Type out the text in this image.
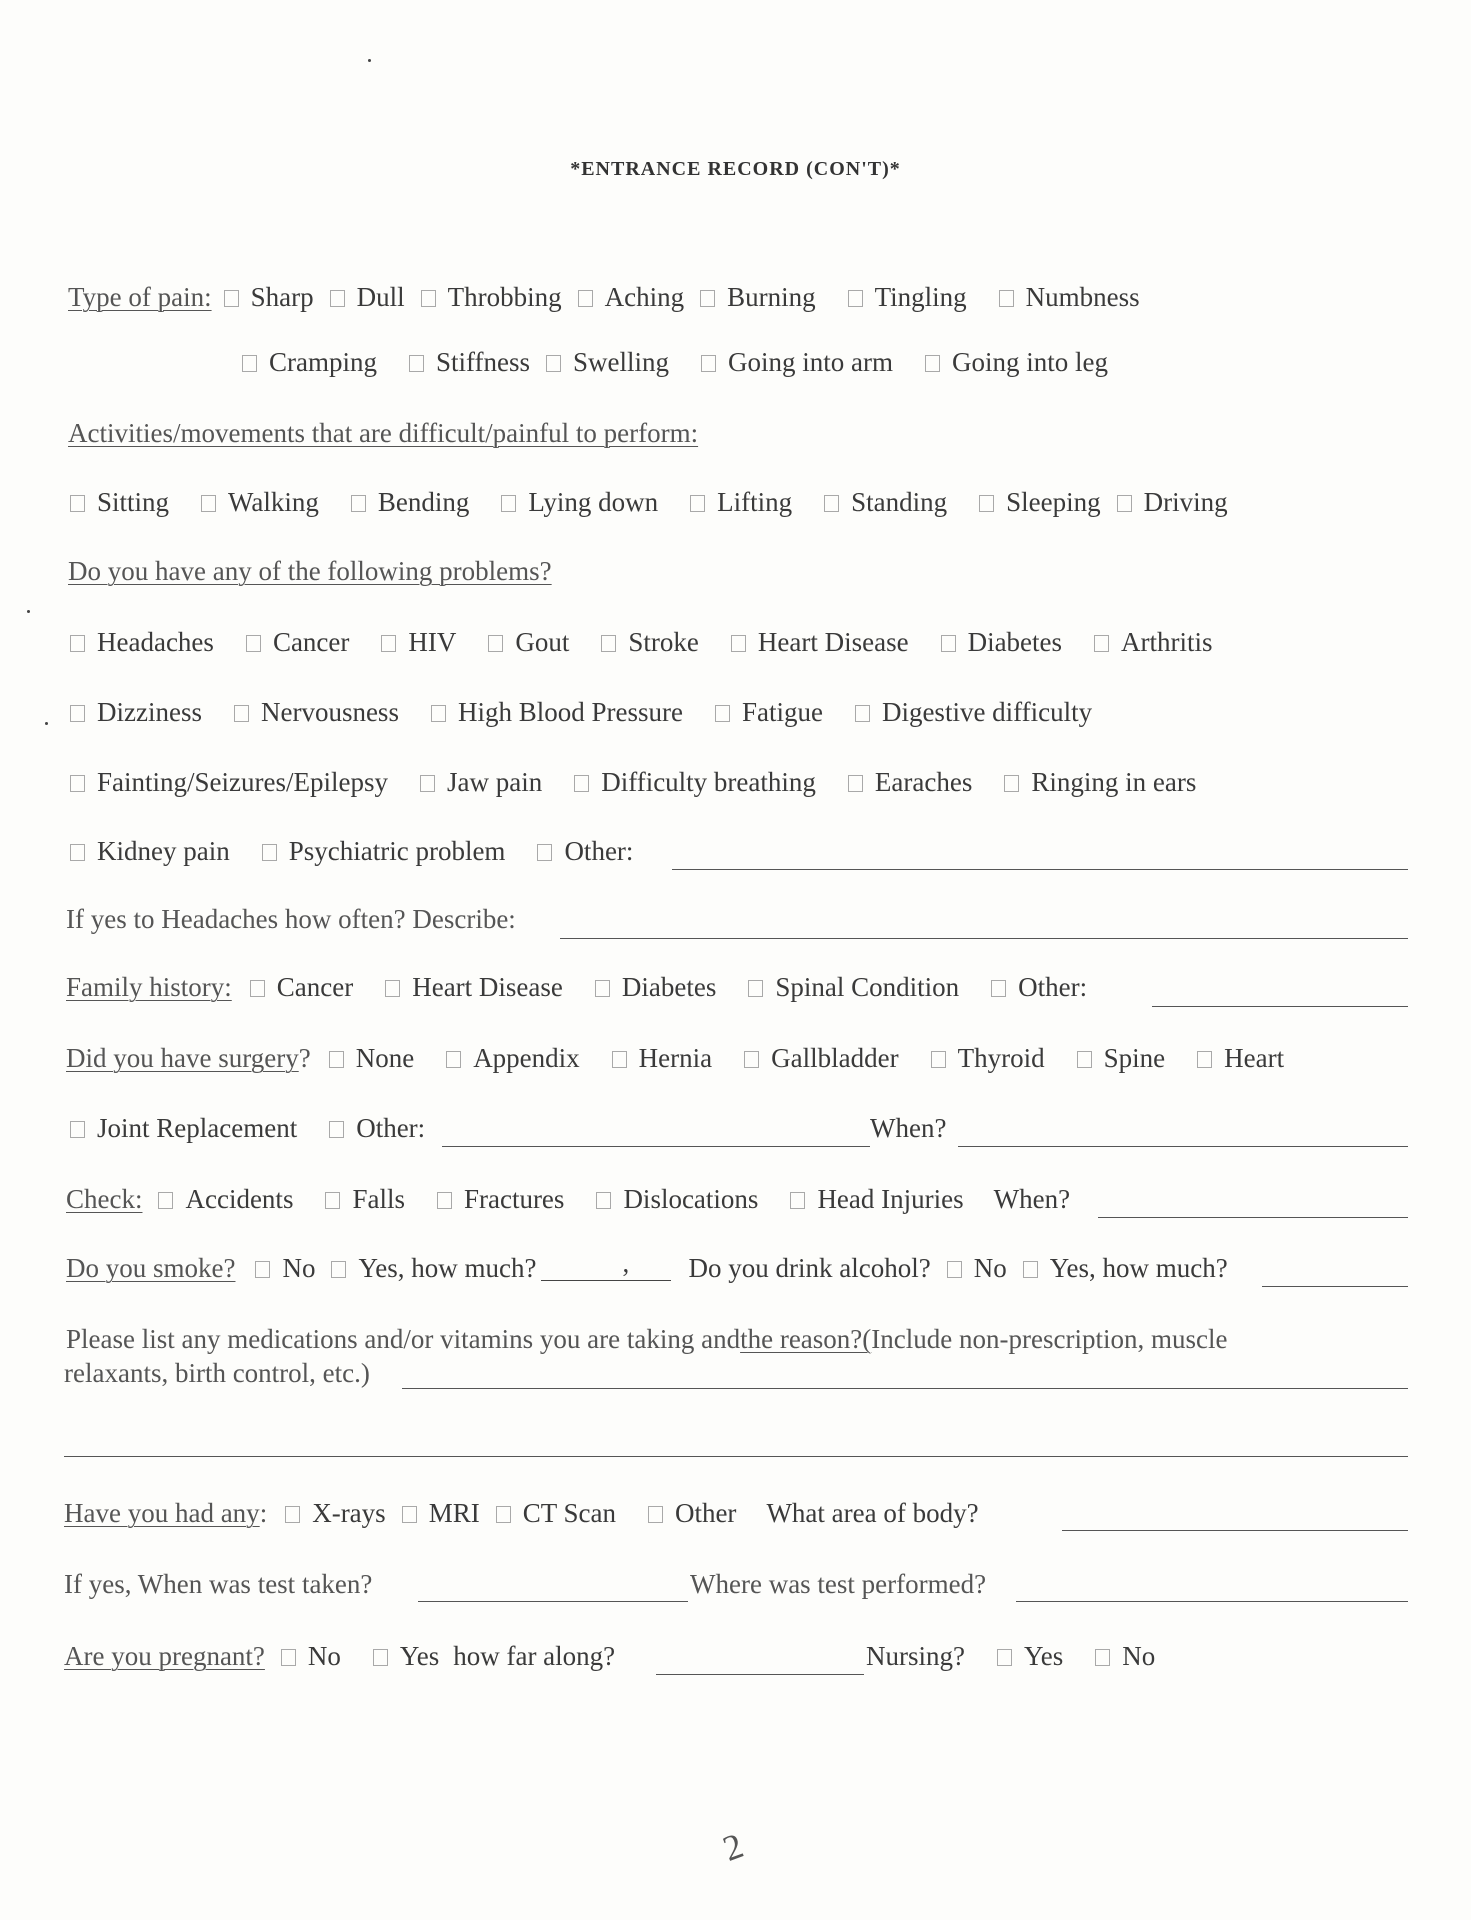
*ENTRANCE RECORD (CON'T)*
Type of pain: Sharp Dull Throbbing Aching Burning Tingling Numbness
Cramping Stiffness Swelling Going into arm Going into leg
Activities/movements that are difficult/painful to perform:
Sitting Walking Bending Lying down Lifting Standing Sleeping Driving
Do you have any of the following problems?
Headaches Cancer HIV Gout Stroke Heart Disease Diabetes Arthritis
Dizziness Nervousness High Blood Pressure Fatigue Digestive difficulty
Fainting/Seizures/Epilepsy Jaw pain Difficulty breathing Earaches Ringing in ears
Kidney pain Psychiatric problem Other:
If yes to Headaches how often? Describe:
Family history: Cancer Heart Disease Diabetes Spinal Condition Other:
Did you have surgery ? None Appendix Hernia Gallbladder Thyroid Spine Heart
Joint Replacement Other:	When?
Check: Accidents Falls Fractures Dislocations Head Injuries When?
Do you smoke? No Yes, how much?	, Do you drink alcohol? No Yes, how much?
Please list any medications and/or vitamins you are taking and the reason?( Include non-prescription, muscle
relaxants, birth control, etc.)
Have you had any : X-rays MRI CT Scan Other What area of body?
If yes, When was test taken?	Where was test performed?
Are you pregnant? No Yes how far along?	Nursing? Yes No
2
